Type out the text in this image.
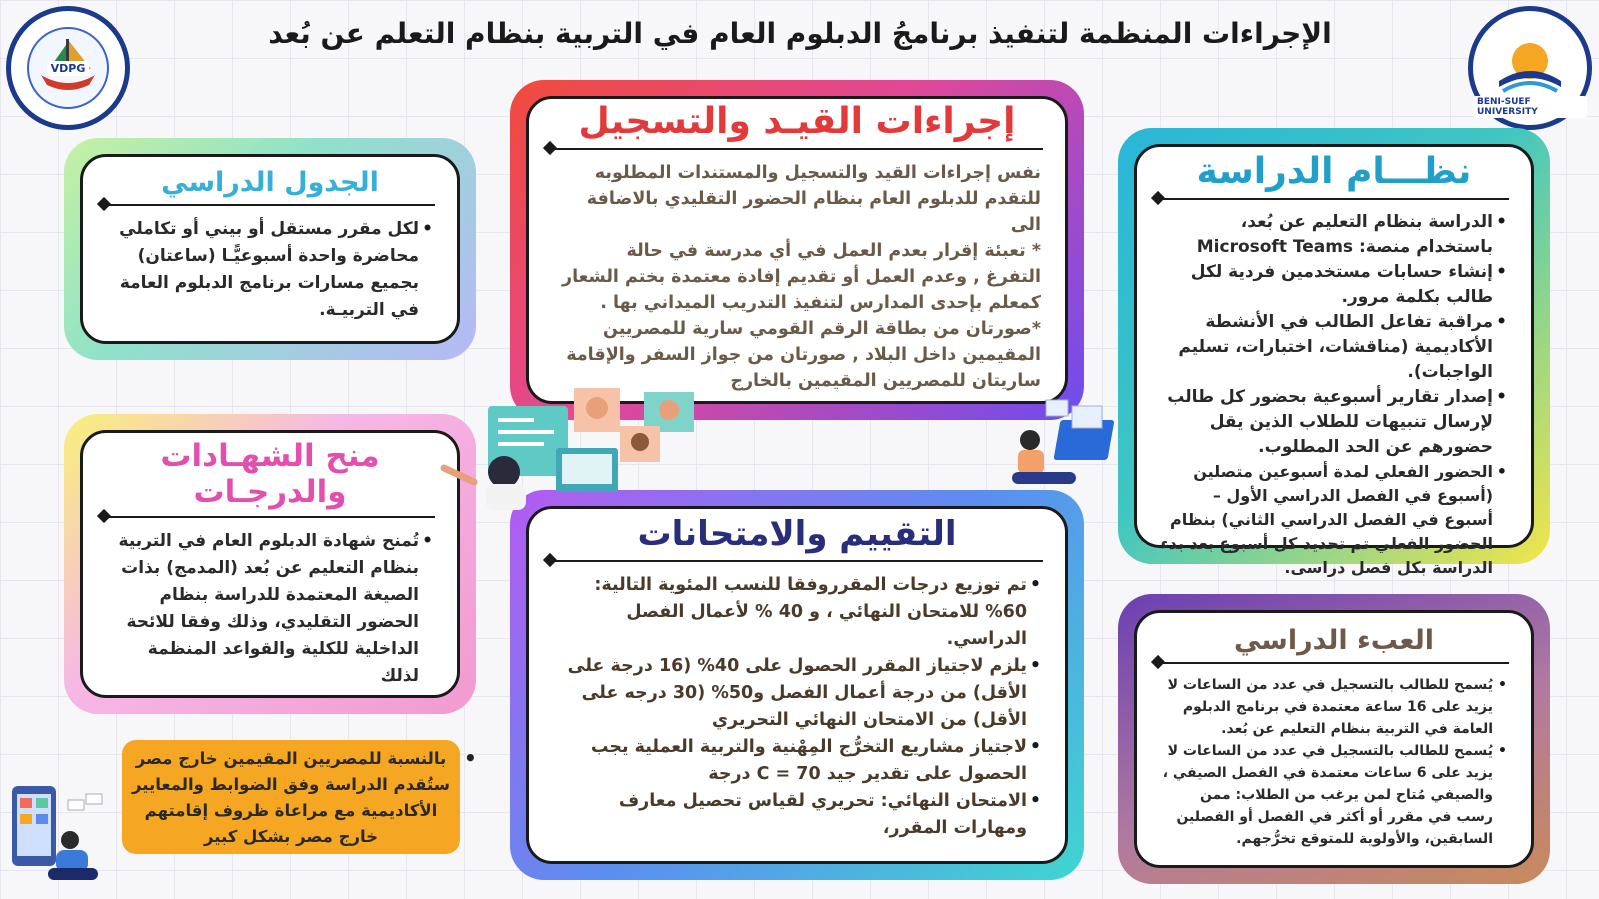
الإجراءات المنظمة لتنفيذ برنامجُ الدبلوم العام في التربية بنظام التعلم عن بُعد
VDPG
BENI-SUEF UNIVERSITY
نظـــام الدراسة
• الدراسة بنظام التعليم عن بُعد، باستخدام منصة: Microsoft Teams
• إنشاء حسابات مستخدمين فردية لكل طالب بكلمة مرور.
• مراقبة تفاعل الطالب في الأنشطة الأكاديمية (مناقشات، اختبارات، تسليم الواجبات).
• إصدار تقارير أسبوعية بحضور كل طالب لإرسال تنبيهات للطلاب الذين يقل حضورهم عن الحد المطلوب.
• الحضور الفعلي لمدة أسبوعين متصلين (أسبوع في الفصل الدراسي الأول – أسبوع في الفصل الدراسي الثاني) بنظام الحضور الفعلي تم تحديد كل أسبوع بعد بدء الدراسة بكل فصل دراسى.
الجدول الدراسي
• لكل مقرر مستقل أو بيني أو تكاملي محاضرة واحدة أسبوعيًّـا (ساعتان) بجميع مسارات برنامج الدبلوم العامة في التربيـة.
إجراءات القيـد والتسجيل
نفس إجراءات القيد والتسجيل والمستندات المطلوبه
للتقدم للدبلوم العام بنظام الحضور التقليدي بالاضافة الى
* تعبئة إقرار بعدم العمل في أي مدرسة في حالة
التفرغ , وعدم العمل أو تقديم إفادة معتمدة بختم الشعار
كمعلم بإحدى المدارس لتنفيذ التدريب الميداني بها .
*صورتان من بطاقة الرقم القومي سارية للمصريين
المقيمين داخل البلاد , صورتان من جواز السفر والإقامة
ساريتان للمصريين المقيمين بالخارج
منح الشهـادات والدرجـات
• تُمنح شهادة الدبلوم العام في التربية بنظام التعليم عن بُعد (المدمج) بذات الصيغة المعتمدة للدراسة بنظام الحضور التقليدي، وذلك وفقا للائحة الداخلية للكلية والقواعد المنظمة لذلك
التقييم والامتحانات
• تم توزيع درجات المقرروفقا للنسب المئوية التالية: 60% للامتحان النهائي ، و 40 % لأعمال الفصل الدراسي.
• يلزم لاجتياز المقرر الحصول على 40% (16 درجة على الأقل) من درجة أعمال الفصل و50% (30 درجه على الأقل) من الامتحان النهائي التحريري
• لاجتياز مشاريع التخرُّج المِهْنية والتربية العملية يجب الحصول على تقدير جيد C = 70 درجة
• الامتحان النهائي: تحريري لقياس تحصيل معارف ومهارات المقرر،
العبء الدراسي
• يُسمح للطالب بالتسجيل في عدد من الساعات لا يزيد على 16 ساعة معتمدة في برنامج الدبلوم العامة في التربية بنظام التعليم عن بُعد.
• يُسمح للطالب بالتسجيل في عدد من الساعات لا يزيد على 6 ساعات معتمدة في الفصل الصيفي ، والصيفي مُتاح لمن يرغب من الطلاب: ممن رسب في مقرر أو أكثر في الفصل أو الفصلين السابقين، والأولوية للمتوقع تخرُّجهم.
•
بالنسبة للمصريين المقيمين خارج مصر ستُقدم الدراسة وفق الضوابط والمعايير الأكاديمية مع مراعاة ظروف إقامتهم خارج مصر بشكل كبير
